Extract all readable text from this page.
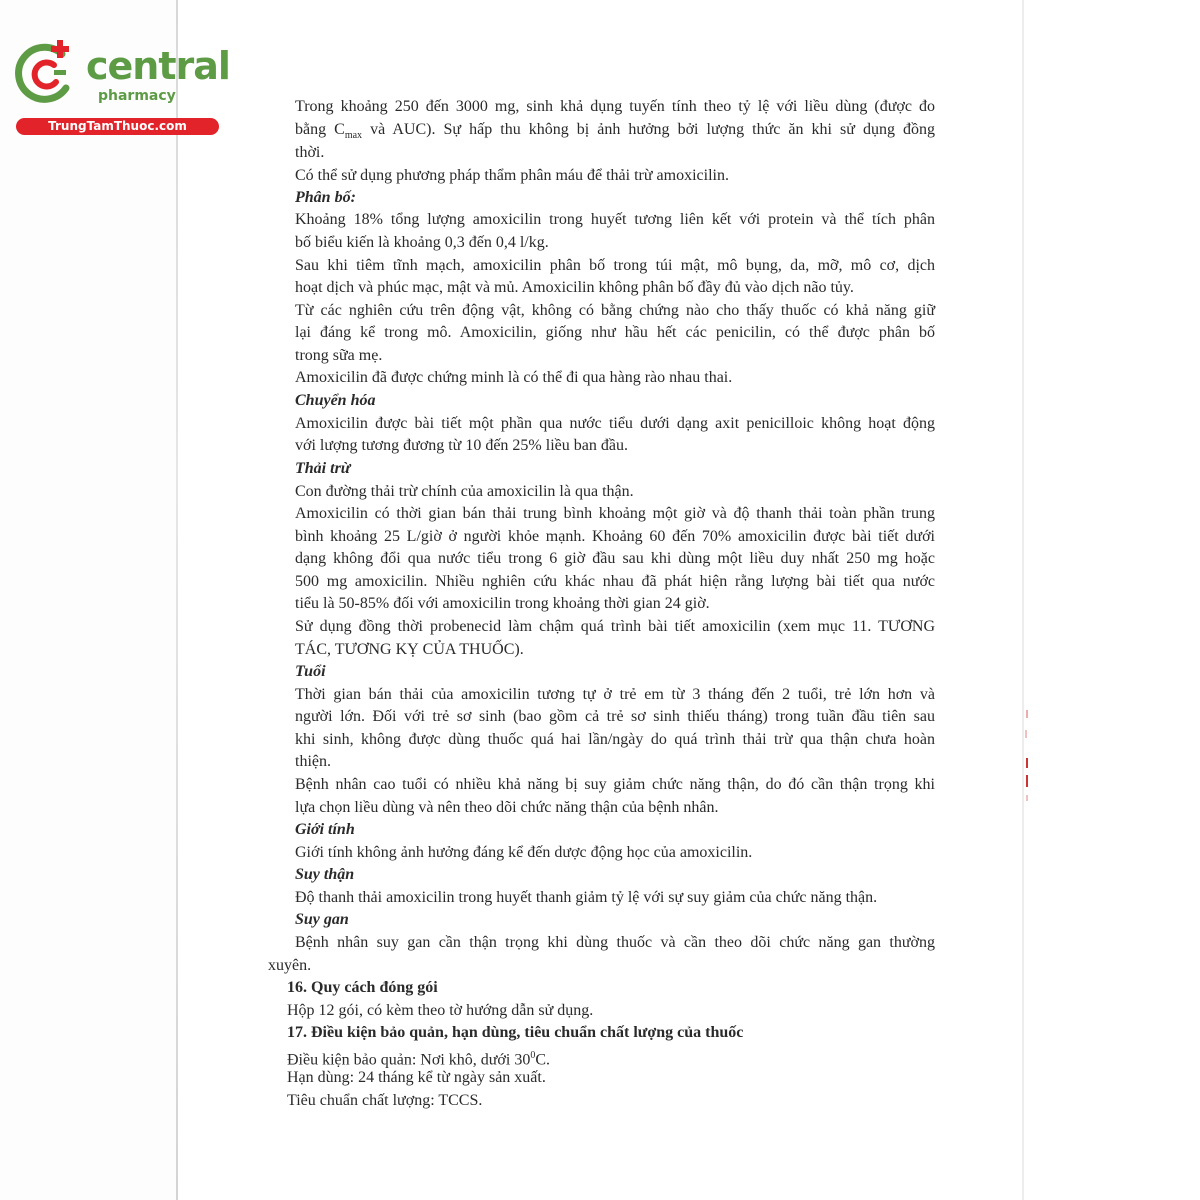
central
pharmacy
TrungTamThuoc.com
Trong khoảng 250 đến 3000 mg, sinh khả dụng tuyến tính theo tỷ lệ với liều dùng (được đo
bằng $C_{max}$ và AUC). Sự hấp thu không bị ảnh hưởng bởi lượng thức ăn khi sử dụng đồng
thời.
Có thể sử dụng phương pháp thẩm phân máu để thải trừ amoxicilin.
Phân bố:
Khoảng 18% tổng lượng amoxicilin trong huyết tương liên kết với protein và thể tích phân
bố biểu kiến là khoảng 0,3 đến 0,4 l/kg.
Sau khi tiêm tĩnh mạch, amoxicilin phân bố trong túi mật, mô bụng, da, mỡ, mô cơ, dịch
hoạt dịch và phúc mạc, mật và mủ. Amoxicilin không phân bố đầy đủ vào dịch não tủy.
Từ các nghiên cứu trên động vật, không có bằng chứng nào cho thấy thuốc có khả năng giữ
lại đáng kể trong mô. Amoxicilin, giống như hầu hết các penicilin, có thể được phân bố
trong sữa mẹ.
Amoxicilin đã được chứng minh là có thể đi qua hàng rào nhau thai.
Chuyển hóa
Amoxicilin được bài tiết một phần qua nước tiểu dưới dạng axit penicilloic không hoạt động
với lượng tương đương từ 10 đến 25% liều ban đầu.
Thải trừ
Con đường thải trừ chính của amoxicilin là qua thận.
Amoxicilin có thời gian bán thải trung bình khoảng một giờ và độ thanh thải toàn phần trung
bình khoảng 25 L/giờ ở người khỏe mạnh. Khoảng 60 đến 70% amoxicilin được bài tiết dưới
dạng không đổi qua nước tiểu trong 6 giờ đầu sau khi dùng một liều duy nhất 250 mg hoặc
500 mg amoxicilin. Nhiều nghiên cứu khác nhau đã phát hiện rằng lượng bài tiết qua nước
tiểu là 50-85% đối với amoxicilin trong khoảng thời gian 24 giờ.
Sử dụng đồng thời probenecid làm chậm quá trình bài tiết amoxicilin (xem mục 11. TƯƠNG
TÁC, TƯƠNG KỴ CỦA THUỐC).
Tuổi
Thời gian bán thải của amoxicilin tương tự ở trẻ em từ 3 tháng đến 2 tuổi, trẻ lớn hơn và
người lớn. Đối với trẻ sơ sinh (bao gồm cả trẻ sơ sinh thiếu tháng) trong tuần đầu tiên sau
khi sinh, không được dùng thuốc quá hai lần/ngày do quá trình thải trừ qua thận chưa hoàn
thiện.
Bệnh nhân cao tuổi có nhiều khả năng bị suy giảm chức năng thận, do đó cần thận trọng khi
lựa chọn liều dùng và nên theo dõi chức năng thận của bệnh nhân.
Giới tính
Giới tính không ảnh hưởng đáng kể đến dược động học của amoxicilin.
Suy thận
Độ thanh thải amoxicilin trong huyết thanh giảm tỷ lệ với sự suy giảm của chức năng thận.
Suy gan
Bệnh nhân suy gan cần thận trọng khi dùng thuốc và cần theo dõi chức năng gan thường
xuyên.
16. Quy cách đóng gói
Hộp 12 gói, có kèm theo tờ hướng dẫn sử dụng.
17. Điều kiện bảo quản, hạn dùng, tiêu chuẩn chất lượng của thuốc
Điều kiện bảo quản: Nơi khô, dưới $30^0C$.
Hạn dùng: 24 tháng kể từ ngày sản xuất.
Tiêu chuẩn chất lượng: TCCS.
